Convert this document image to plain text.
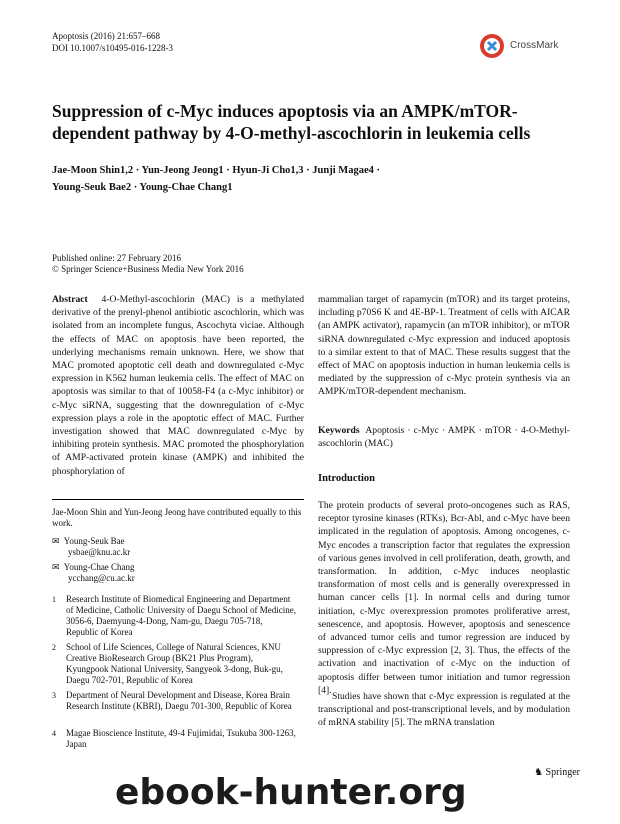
Apoptosis (2016) 21:657–668
DOI 10.1007/s10495-016-1228-3	CrossMark
Suppression of c-Myc induces apoptosis via an AMPK/mTOR-dependent pathway by 4-O-methyl-ascochlorin in leukemia cells
Jae-Moon Shin1,2 · Yun-Jeong Jeong1 · Hyun-Ji Cho1,3 · Junji Magae4 ·
Young-Seuk Bae2 · Young-Chae Chang1
Published online: 27 February 2016
© Springer Science+Business Media New York 2016
Abstract 4-O-Methyl-ascochlorin (MAC) is a methylated derivative of the prenyl-phenol antibiotic ascochlorin, which was isolated from an incomplete fungus, Ascochyta viciae. Although the effects of MAC on apoptosis have been reported, the underlying mechanisms remain unknown. Here, we show that MAC promoted apoptotic cell death and downregulated c-Myc expression in K562 human leukemia cells. The effect of MAC on apoptosis was similar to that of 10058-F4 (a c-Myc inhibitor) or c-Myc siRNA, suggesting that the downregulation of c-Myc expression plays a role in the apoptotic effect of MAC. Further investigation showed that MAC downregulated c-Myc by inhibiting protein synthesis. MAC promoted the phosphorylation of AMP-activated protein kinase (AMPK) and inhibited the phosphorylation of
Jae-Moon Shin and Yun-Jeong Jeong have contributed equally to this work.
✉ Young-Seuk Bae
ysbae@knu.ac.kr
✉ Young-Chae Chang
ycchang@cu.ac.kr
1 Research Institute of Biomedical Engineering and Department of Medicine, Catholic University of Daegu School of Medicine, 3056-6, Daemyung-4-Dong, Nam-gu, Daegu 705-718, Republic of Korea
2 School of Life Sciences, College of Natural Sciences, KNU Creative BioResearch Group (BK21 Plus Program), Kyungpook National University, Sangyeok 3-dong, Buk-gu, Daegu 702-701, Republic of Korea
3 Department of Neural Development and Disease, Korea Brain Research Institute (KBRI), Daegu 701-300, Republic of Korea
4 Magae Bioscience Institute, 49-4 Fujimidai, Tsukuba 300-1263, Japan
mammalian target of rapamycin (mTOR) and its target proteins, including p70S6 K and 4E-BP-1. Treatment of cells with AICAR (an AMPK activator), rapamycin (an mTOR inhibitor), or mTOR siRNA downregulated c-Myc expression and induced apoptosis to a similar extent to that of MAC. These results suggest that the effect of MAC on apoptosis induction in human leukemia cells is mediated by the suppression of c-Myc protein synthesis via an AMPK/mTOR-dependent mechanism.
Keywords Apoptosis · c-Myc · AMPK · mTOR · 4-O-Methyl-ascochlorin (MAC)
Introduction
The protein products of several proto-oncogenes such as RAS, receptor tyrosine kinases (RTKs), Bcr-Abl, and c-Myc have been implicated in the regulation of apoptosis. Among oncogenes, c-Myc encodes a transcription factor that regulates the expression of various genes involved in cell proliferation, death, growth, and transformation. In addition, c-Myc induces neoplastic transformation of most cells and is generally overexpressed in human cancer cells [1]. In normal cells and during tumor initiation, c-Myc overexpression promotes proliferative arrest, senescence, and apoptosis. However, apoptosis and senescence of advanced tumor cells and tumor regression are induced by suppression of c-Myc expression [2, 3]. Thus, the effects of the activation and inactivation of c-Myc on the induction of apoptosis differ between tumor initiation and tumor regression [4].
Studies have shown that c-Myc expression is regulated at the transcriptional and post-transcriptional levels, and by modulation of mRNA stability [5]. The mRNA translation
♞ Springer
ebook-hunter.org
